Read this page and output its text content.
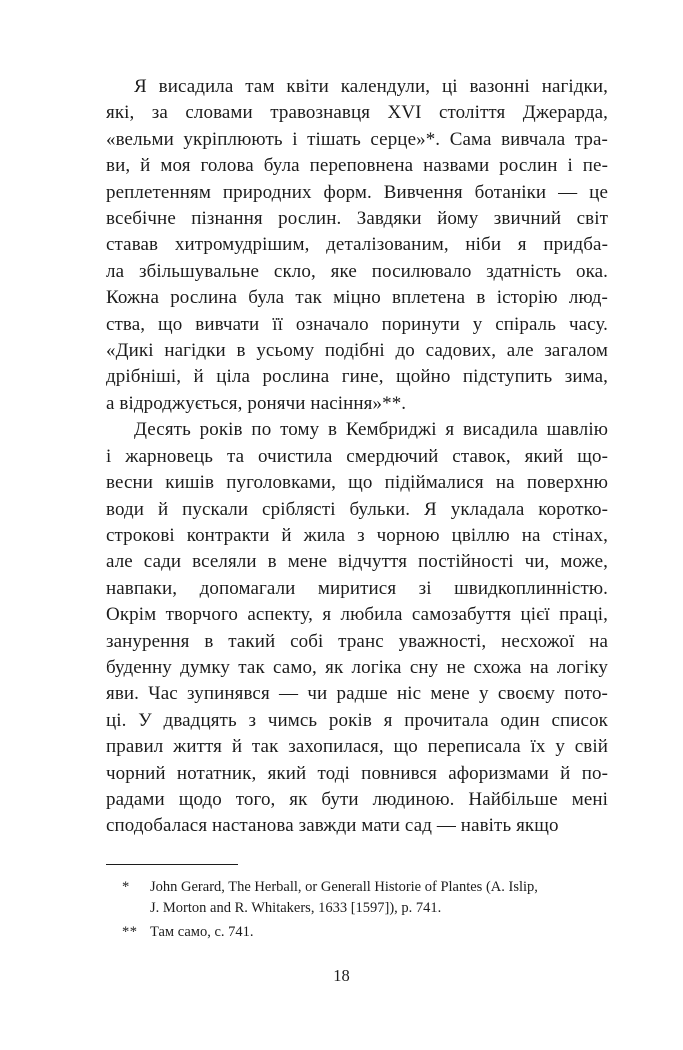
Я висадила там квіти календули, ці вазонні нагідки,
які, за словами травознавця XVI століття Джерарда,
«вельми укріплюють і тішать серце»*. Сама вивчала тра-
ви, й моя голова була переповнена назвами рослин і пе-
реплетенням природних форм. Вивчення ботаніки — це
всебічне пізнання рослин. Завдяки йому звичний світ
ставав хитромудрішим, деталізованим, ніби я придба-
ла збільшувальне скло, яке посилювало здатність ока.
Кожна рослина була так міцно вплетена в історію люд-
ства, що вивчати її означало поринути у спіраль часу.
«Дикі нагідки в усьому подібні до садових, але загалом
дрібніші, й ціла рослина гине, щойно підступить зима,
а відроджується, ронячи насіння»**.
Десять років по тому в Кембриджі я висадила шавлію
і жарновець та очистила смердючий ставок, який що-
весни кишів пуголовками, що підіймалися на поверхню
води й пускали сріблясті бульки. Я укладала коротко-
строкові контракти й жила з чорною цвіллю на стінах,
але сади вселяли в мене відчуття постійності чи, може,
навпаки, допомагали миритися зі швидкоплинністю.
Окрім творчого аспекту, я любила самозабуття цієї праці,
занурення в такий собі транс уважності, несхожої на
буденну думку так само, як логіка сну не схожа на логіку
яви. Час зупинявся — чи радше ніс мене у своєму пото-
ці. У двадцять з чимсь років я прочитала один список
правил життя й так захопилася, що переписала їх у свій
чорний нотатник, який тоді повнився афоризмами й по-
радами щодо того, як бути людиною. Найбільше мені
сподобалася настанова завжди мати сад — навіть якщо
*	John Gerard, The Herball, or Generall Historie of Plantes (A. Islip,
J. Morton and R. Whitakers, 1633 [1597]), p. 741.
** Там само, с. 741.
18
